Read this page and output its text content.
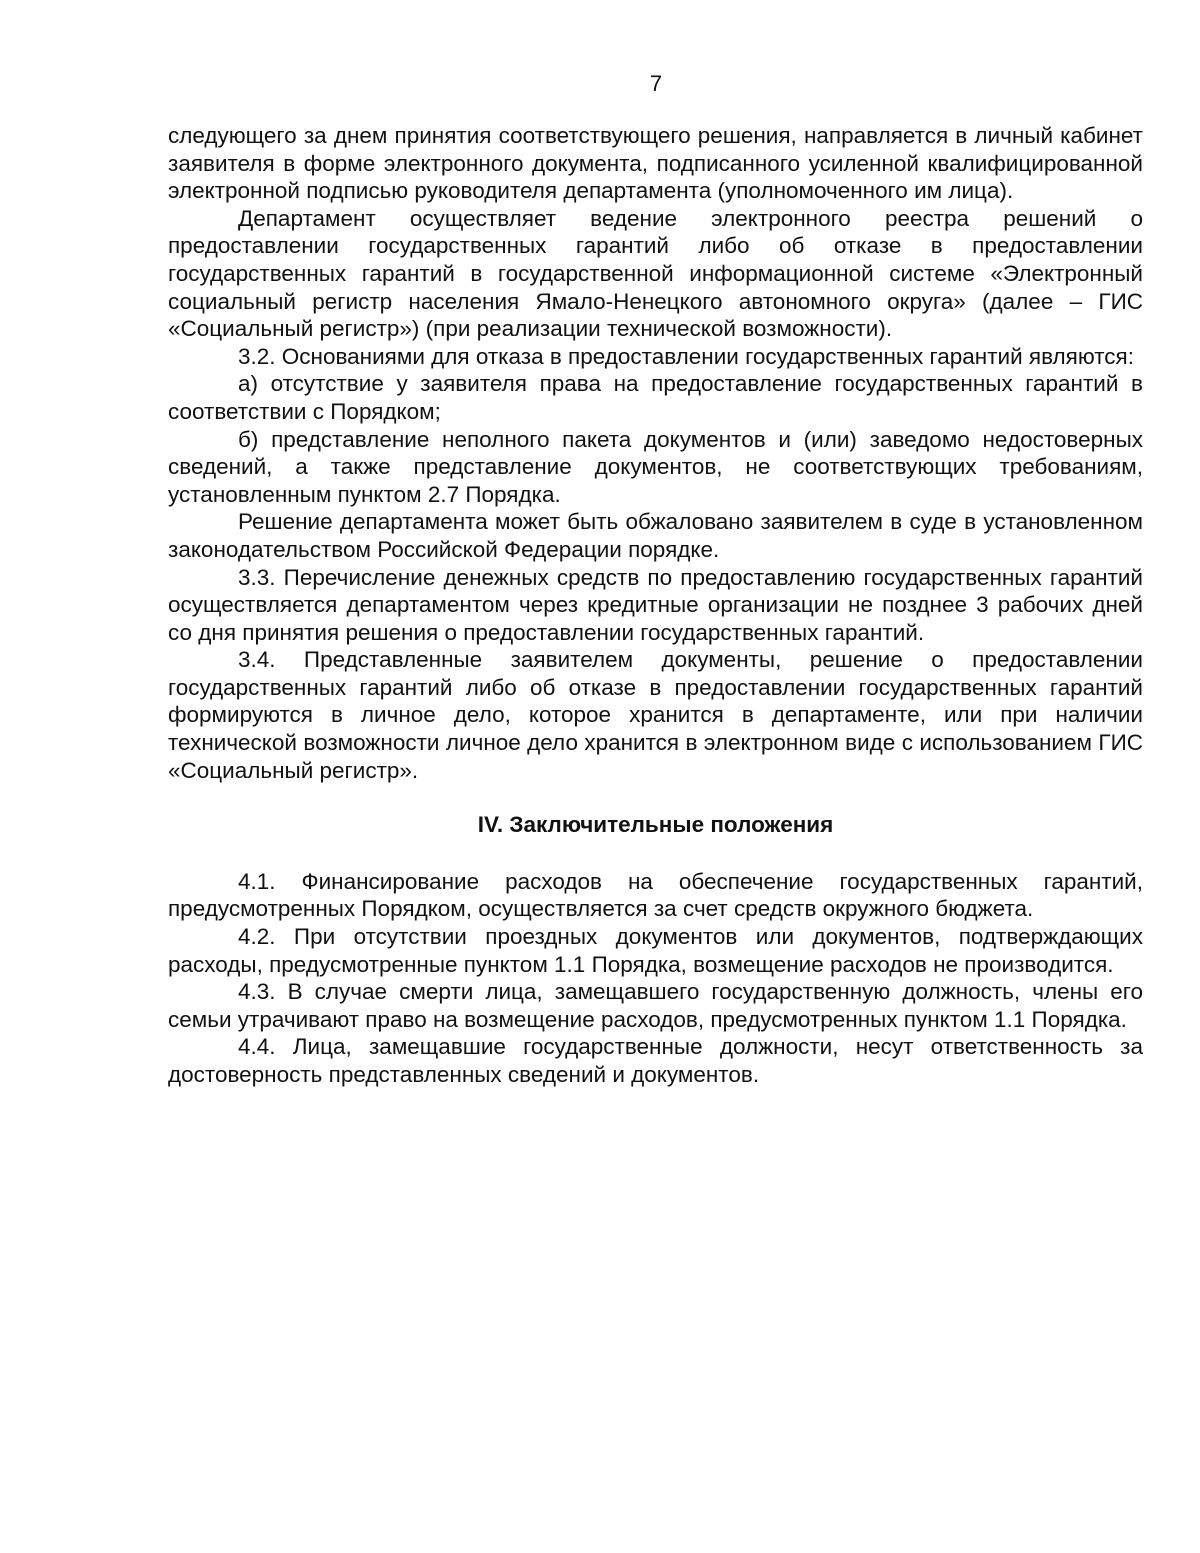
7

следующего за днем принятия соответствующего решения, направляется в личный кабинет заявителя в форме электронного документа, подписанного усиленной квалифицированной электронной подписью руководителя департамента (уполномоченного им лица).

Департамент осуществляет ведение электронного реестра решений о предоставлении государственных гарантий либо об отказе в предоставлении государственных гарантий в государственной информационной системе «Электронный социальный регистр населения Ямало-Ненецкого автономного округа» (далее – ГИС «Социальный регистр») (при реализации технической возможности).

3.2. Основаниями для отказа в предоставлении государственных гарантий являются:

а) отсутствие у заявителя права на предоставление государственных гарантий в соответствии с Порядком;

б) представление неполного пакета документов и (или) заведомо недостоверных сведений, а также представление документов, не соответствующих требованиям, установленным пунктом 2.7 Порядка.

Решение департамента может быть обжаловано заявителем в суде в установленном законодательством Российской Федерации порядке.

3.3. Перечисление денежных средств по предоставлению государственных гарантий осуществляется департаментом через кредитные организации не позднее 3 рабочих дней со дня принятия решения о предоставлении государственных гарантий.

3.4. Представленные заявителем документы, решение о предоставлении государственных гарантий либо об отказе в предоставлении государственных гарантий формируются в личное дело, которое хранится в департаменте, или при наличии технической возможности личное дело хранится в электронном виде с использованием ГИС «Социальный регистр».

IV. Заключительные положения

4.1. Финансирование расходов на обеспечение государственных гарантий, предусмотренных Порядком, осуществляется за счет средств окружного бюджета.

4.2. При отсутствии проездных документов или документов, подтверждающих расходы, предусмотренные пунктом 1.1 Порядка, возмещение расходов не производится.

4.3. В случае смерти лица, замещавшего государственную должность, члены его семьи утрачивают право на возмещение расходов, предусмотренных пунктом 1.1 Порядка.

4.4. Лица, замещавшие государственные должности, несут ответственность за достоверность представленных сведений и документов.
